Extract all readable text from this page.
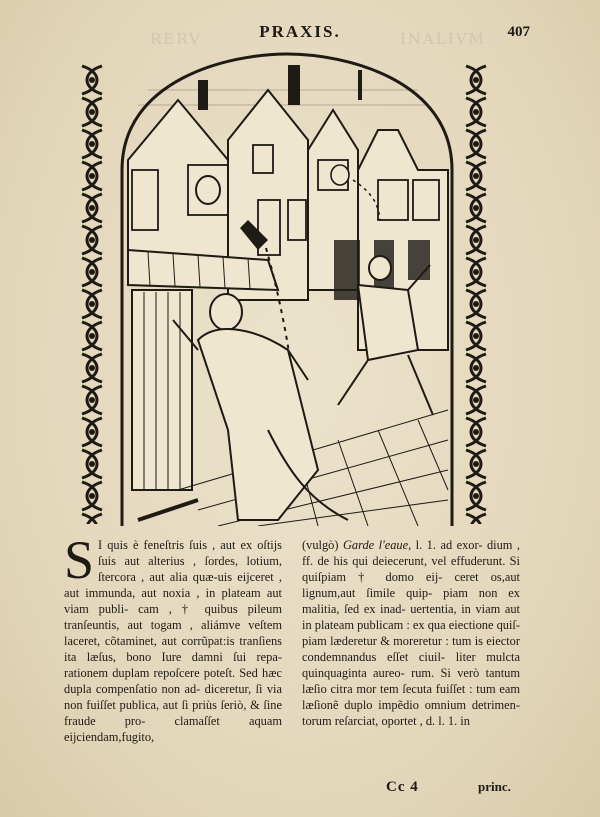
RERV	INALIVM
PRAXIS.	407
S I quis è feneſtris ſuis , aut ex oſtijs ſuis aut alterius , ſordes, lotium, ſtercora , aut alia quæ-uis eijceret , aut immunda, aut noxia , in plateam aut viam publi- cam , † quibus pileum tranſeuntis, aut togam , aliámve veſtem laceret, cõtaminet, aut corrũpat:is tranſiens ita læſus, bono Iure damni ſui repa- rationem duplam repoſcere poteſt. Sed hæc dupla compenſatio non ad- diceretur, ſi via non fuiſſet publica, aut ſi priùs ſeriò, & ſine fraude pro- clamaſſet aquam eijciendam,fugito,

(vulgò) Garde l'eaue, l. 1. ad exor- dium , ff. de his qui deiecerunt, vel effuderunt. Si quiſpiam † domo eij- ceret os,aut lignum,aut ſimile quip- piam non ex malitia, ſed ex inad- uertentia, in viam aut in plateam publicam : ex qua eiectione quiſ- piam læderetur & moreretur : tum is eiector condemnandus eſſet ciuil- liter mulcta quinquaginta aureo- rum. Si verò tantum læſio citra mor tem ſecuta fuiſſet : tum eam læſionẽ duplo impẽdio omnium detrimen- torum reſarciat, oportet , d. l. 1. in

Cc 4	princ.
